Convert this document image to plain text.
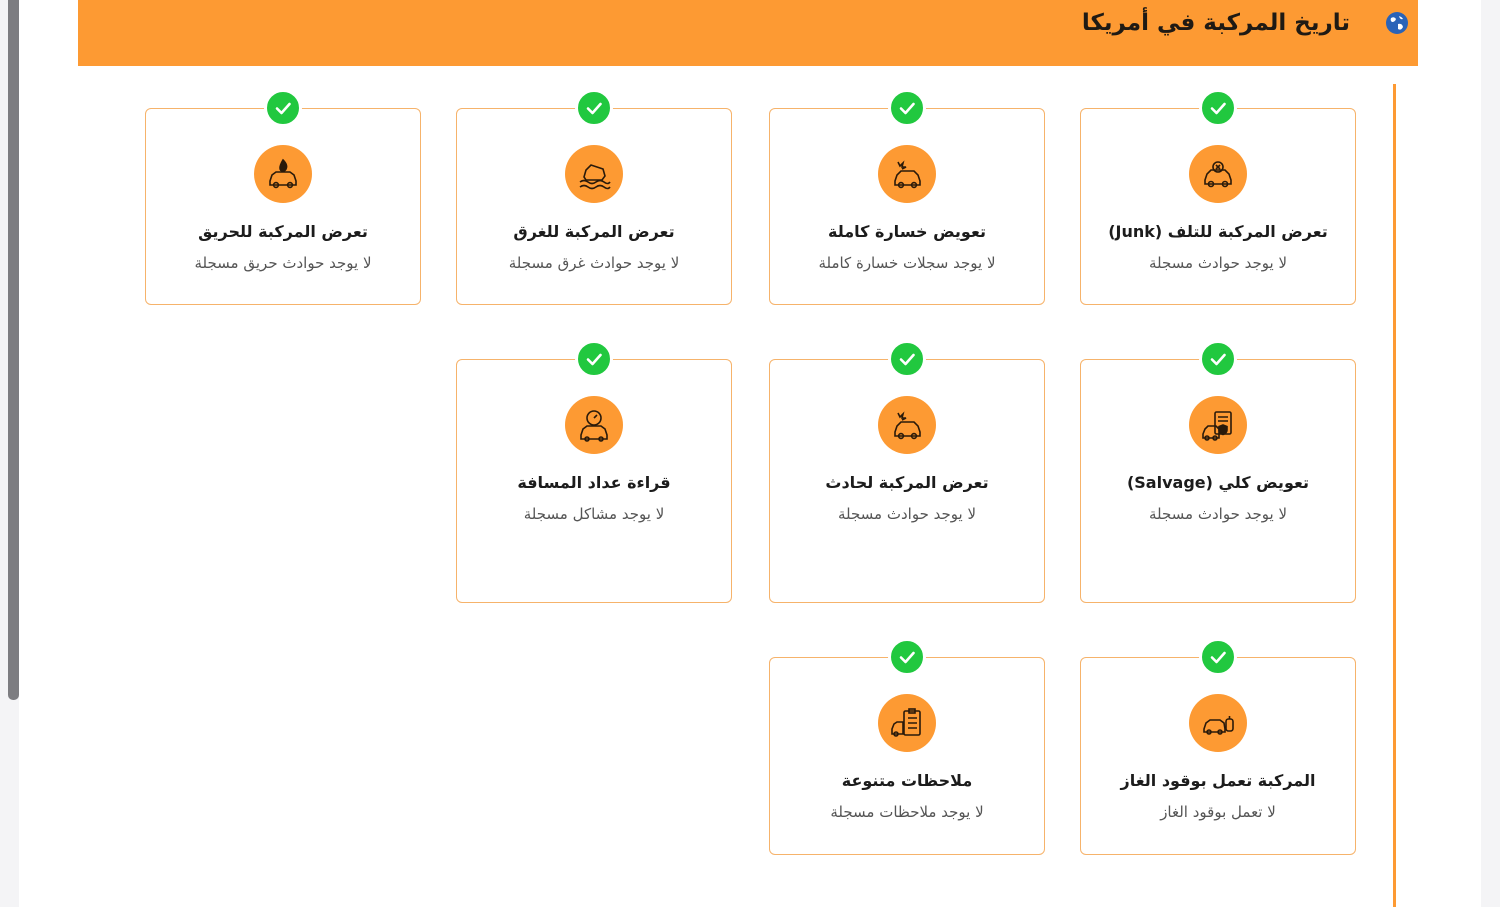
تاريخ المركبة في أمريكا
تعرض المركبة للتلف (Junk)
لا يوجد حوادث مسجلة
تعويض خسارة كاملة
لا يوجد سجلات خسارة كاملة
تعرض المركبة للغرق
لا يوجد حوادث غرق مسجلة
تعرض المركبة للحريق
لا يوجد حوادث حريق مسجلة
تعويض كلي (Salvage)
لا يوجد حوادث مسجلة
تعرض المركبة لحادث
لا يوجد حوادث مسجلة
قراءة عداد المسافة
لا يوجد مشاكل مسجلة
المركبة تعمل بوقود الغاز
لا تعمل بوقود الغاز
ملاحظات متنوعة
لا يوجد ملاحظات مسجلة
